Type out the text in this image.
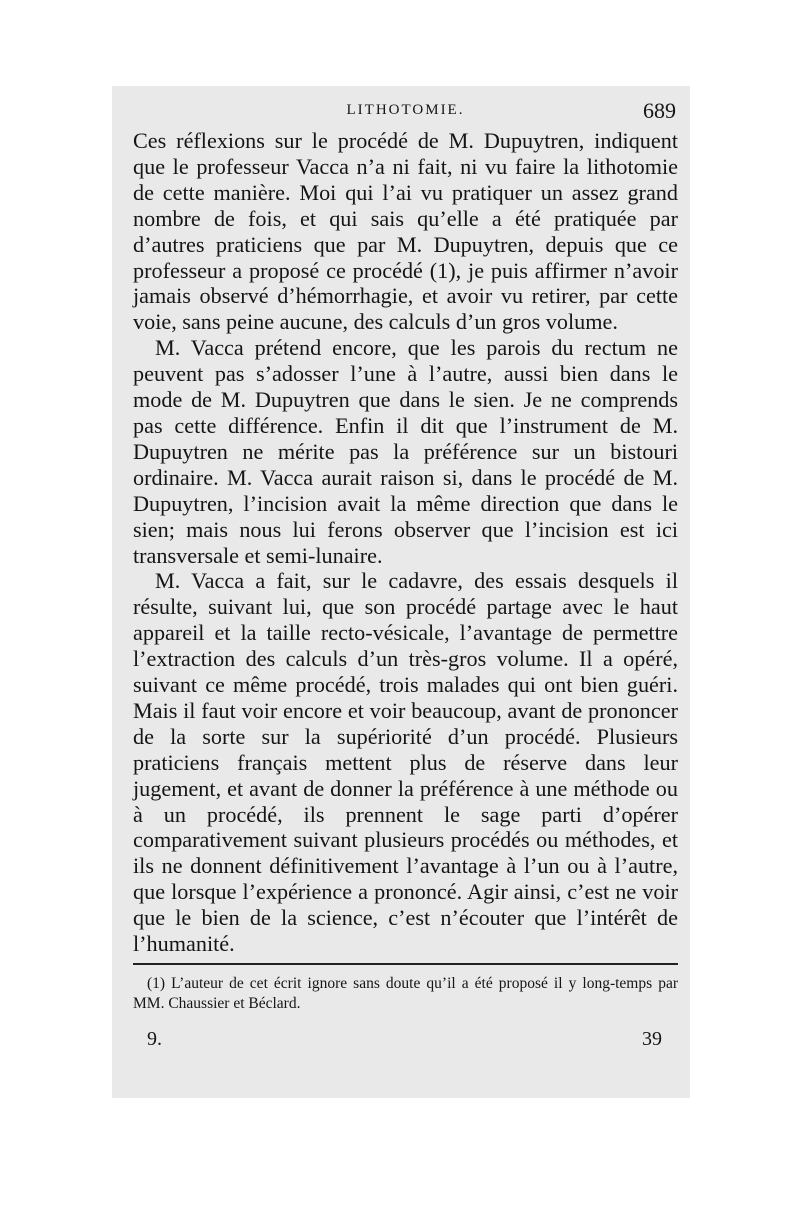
LITHOTOMIE.	689

Ces réflexions sur le procédé de M. Dupuytren, indiquent que le professeur Vacca n’a ni fait, ni vu faire la lithotomie de cette manière. Moi qui l’ai vu pratiquer un assez grand nombre de fois, et qui sais qu’elle a été pratiquée par d’autres praticiens que par M. Dupuytren, depuis que ce professeur a proposé ce procédé (1), je puis affirmer n’avoir jamais observé d’hémorrhagie, et avoir vu retirer, par cette voie, sans peine aucune, des calculs d’un gros volume.

M. Vacca prétend encore, que les parois du rectum ne peuvent pas s’adosser l’une à l’autre, aussi bien dans le mode de M. Dupuytren que dans le sien. Je ne comprends pas cette différence. Enfin il dit que l’instrument de M. Dupuytren ne mérite pas la préférence sur un bistouri ordinaire. M. Vacca aurait raison si, dans le procédé de M. Dupuytren, l’incision avait la même direction que dans le sien; mais nous lui ferons observer que l’incision est ici transversale et semi-lunaire.

M. Vacca a fait, sur le cadavre, des essais desquels il résulte, suivant lui, que son procédé partage avec le haut appareil et la taille recto-vésicale, l’avantage de permettre l’extraction des calculs d’un très-gros volume. Il a opéré, suivant ce même procédé, trois malades qui ont bien guéri. Mais il faut voir encore et voir beaucoup, avant de prononcer de la sorte sur la supériorité d’un procédé. Plusieurs praticiens français mettent plus de réserve dans leur jugement, et avant de donner la préférence à une méthode ou à un procédé, ils prennent le sage parti d’opérer comparativement suivant plusieurs procédés ou méthodes, et ils ne donnent définitivement l’avantage à l’un ou à l’autre, que lorsque l’expérience a prononcé. Agir ainsi, c’est ne voir que le bien de la science, c’est n’écouter que l’intérêt de l’humanité.

(1) L’auteur de cet écrit ignore sans doute qu’il a été proposé il y long-temps par MM. Chaussier et Béclard.

9.	39
